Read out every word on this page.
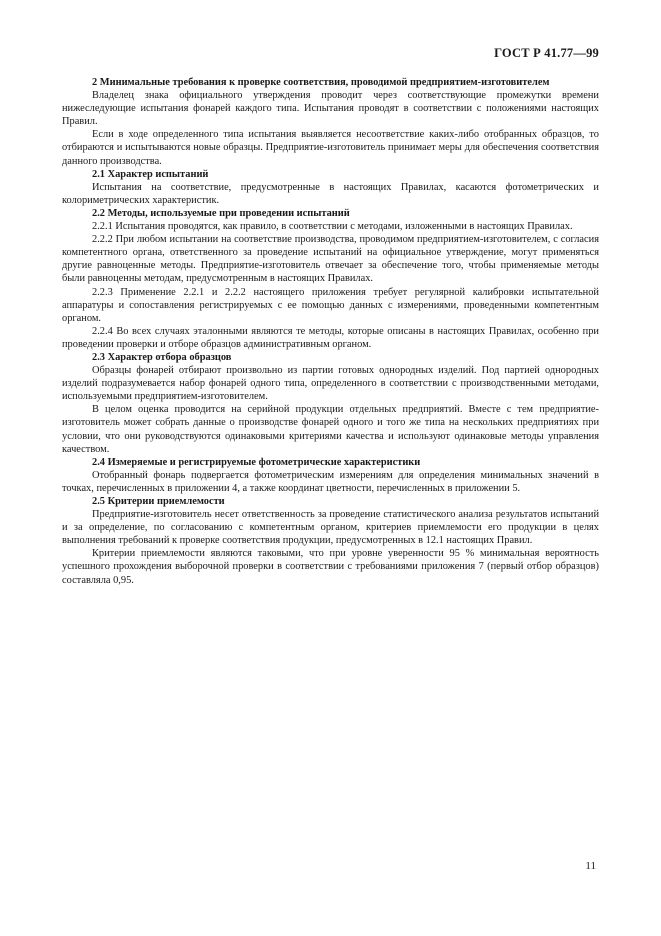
ГОСТ Р 41.77—99

2 Минимальные требования к проверке соответствия, проводимой предприятием-изготовителем

Владелец знака официального утверждения проводит через соответствующие промежутки времени нижеследующие испытания фонарей каждого типа. Испытания проводят в соответствии с положениями настоящих Правил.

Если в ходе определенного типа испытания выявляется несоответствие каких-либо отобранных образцов, то отбираются и испытываются новые образцы. Предприятие-изготовитель принимает меры для обеспечения соответствия данного производства.

2.1 Характер испытаний

Испытания на соответствие, предусмотренные в настоящих Правилах, касаются фотометрических и колориметрических характеристик.

2.2 Методы, используемые при проведении испытаний

2.2.1 Испытания проводятся, как правило, в соответствии с методами, изложенными в настоящих Правилах.

2.2.2 При любом испытании на соответствие производства, проводимом предприятием-изготовителем, с согласия компетентного органа, ответственного за проведение испытаний на официальное утверждение, могут применяться другие равноценные методы. Предприятие-изготовитель отвечает за обеспечение того, чтобы применяемые методы были равноценны методам, предусмотренным в настоящих Правилах.

2.2.3 Применение 2.2.1 и 2.2.2 настоящего приложения требует регулярной калибровки испытательной аппаратуры и сопоставления регистрируемых с ее помощью данных с измерениями, проведенными компетентным органом.

2.2.4 Во всех случаях эталонными являются те методы, которые описаны в настоящих Правилах, особенно при проведении проверки и отборе образцов административным органом.

2.3 Характер отбора образцов

Образцы фонарей отбирают произвольно из партии готовых однородных изделий. Под партией однородных изделий подразумевается набор фонарей одного типа, определенного в соответствии с производственными методами, используемыми предприятием-изготовителем.

В целом оценка проводится на серийной продукции отдельных предприятий. Вместе с тем предприятие-изготовитель может собрать данные о производстве фонарей одного и того же типа на нескольких предприятиях при условии, что они руководствуются одинаковыми критериями качества и используют одинаковые методы управления качеством.

2.4 Измеряемые и регистрируемые фотометрические характеристики

Отобранный фонарь подвергается фотометрическим измерениям для определения минимальных значений в точках, перечисленных в приложении 4, а также координат цветности, перечисленных в приложении 5.

2.5 Критерии приемлемости

Предприятие-изготовитель несет ответственность за проведение статистического анализа результатов испытаний и за определение, по согласованию с компетентным органом, критериев приемлемости его продукции в целях выполнения требований к проверке соответствия продукции, предусмотренных в 12.1 настоящих Правил.

Критерии приемлемости являются таковыми, что при уровне уверенности 95 % минимальная вероятность успешного прохождения выборочной проверки в соответствии с требованиями приложения 7 (первый отбор образцов) составляла 0,95.

11
